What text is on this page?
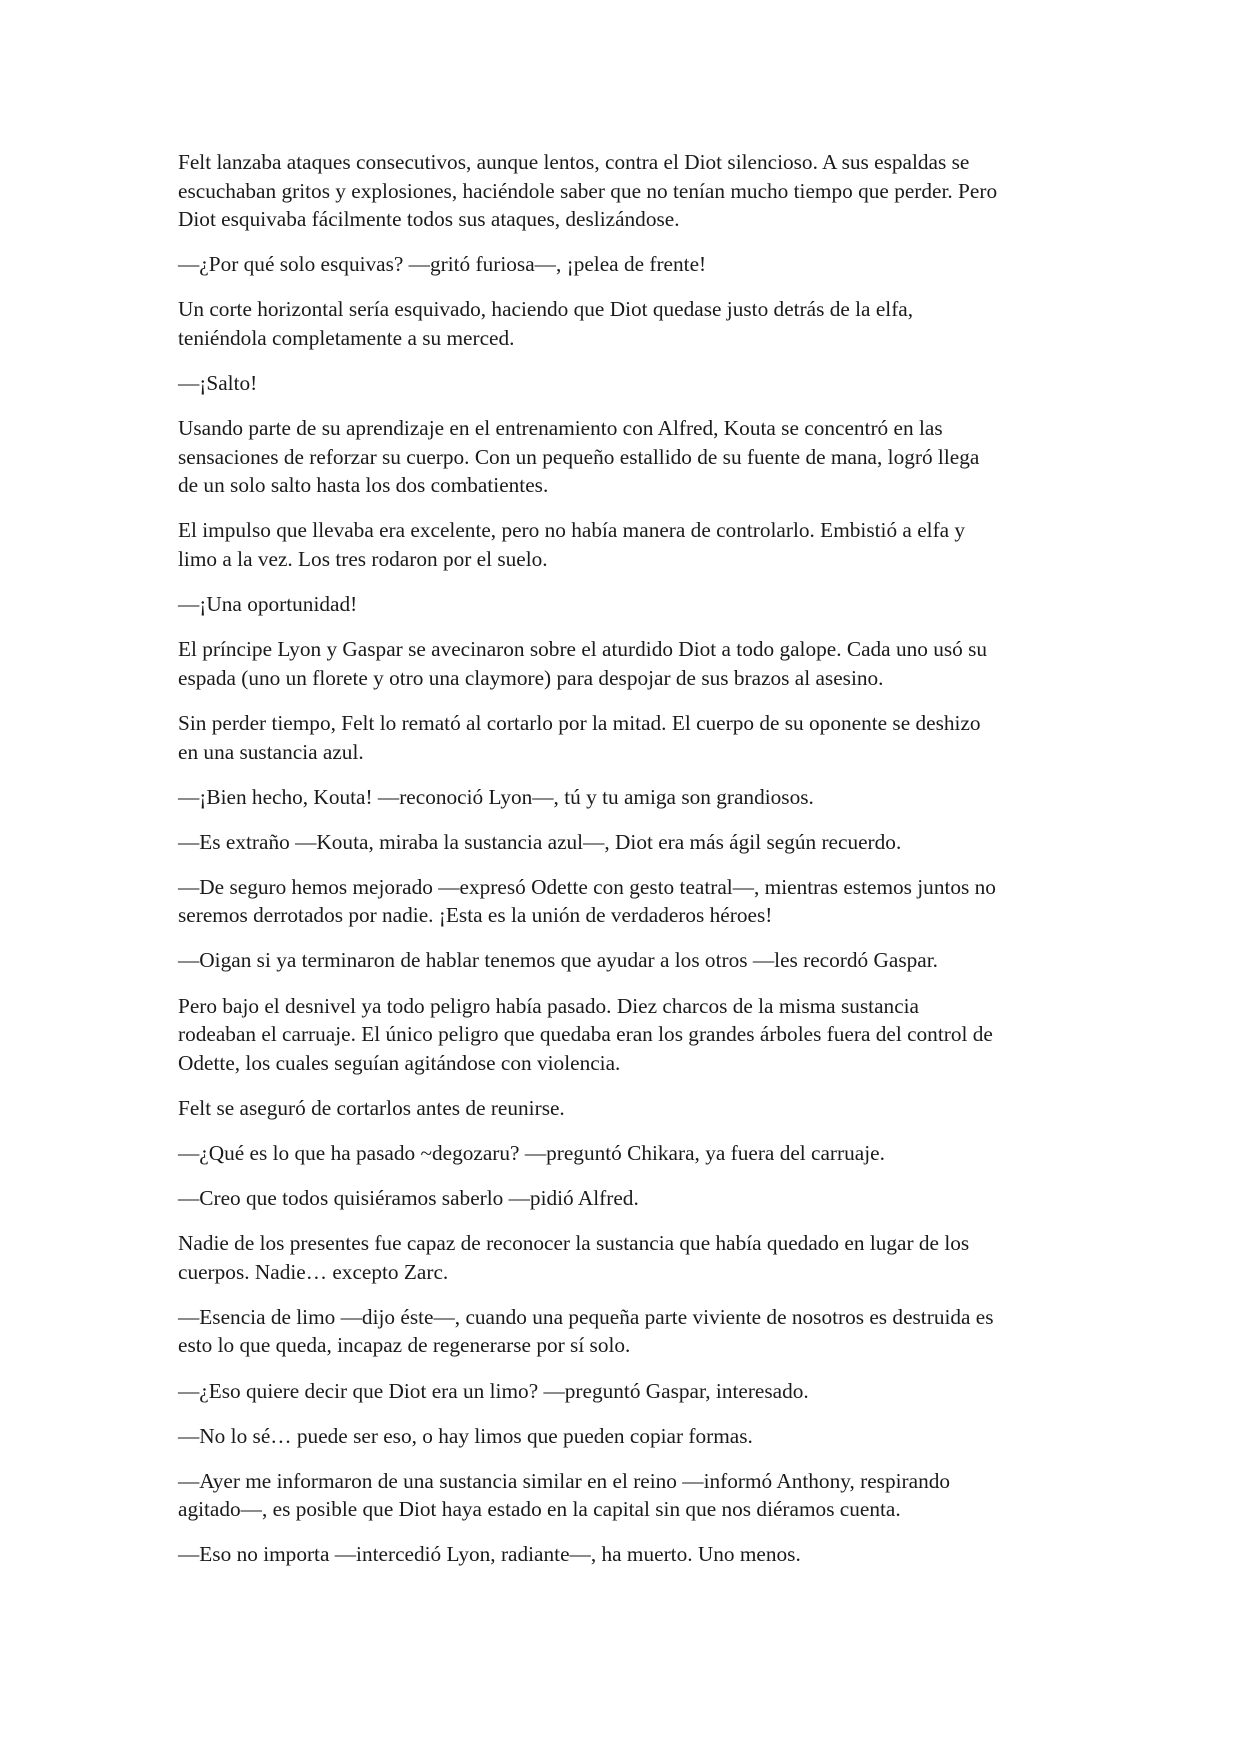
Felt lanzaba ataques consecutivos, aunque lentos, contra el Diot silencioso. A sus espaldas se
escuchaban gritos y explosiones, haciéndole saber que no tenían mucho tiempo que perder. Pero
Diot esquivaba fácilmente todos sus ataques, deslizándose.

—¿Por qué solo esquivas? —gritó furiosa—, ¡pelea de frente!

Un corte horizontal sería esquivado, haciendo que Diot quedase justo detrás de la elfa,
teniéndola completamente a su merced.

—¡Salto!

Usando parte de su aprendizaje en el entrenamiento con Alfred, Kouta se concentró en las
sensaciones de reforzar su cuerpo. Con un pequeño estallido de su fuente de mana, logró llega
de un solo salto hasta los dos combatientes.

El impulso que llevaba era excelente, pero no había manera de controlarlo. Embistió a elfa y
limo a la vez. Los tres rodaron por el suelo.

—¡Una oportunidad!

El príncipe Lyon y Gaspar se avecinaron sobre el aturdido Diot a todo galope. Cada uno usó su
espada (uno un florete y otro una claymore) para despojar de sus brazos al asesino.

Sin perder tiempo, Felt lo remató al cortarlo por la mitad. El cuerpo de su oponente se deshizo
en una sustancia azul.

—¡Bien hecho, Kouta! —reconoció Lyon—, tú y tu amiga son grandiosos.

—Es extraño —Kouta, miraba la sustancia azul—, Diot era más ágil según recuerdo.

—De seguro hemos mejorado —expresó Odette con gesto teatral—, mientras estemos juntos no
seremos derrotados por nadie. ¡Esta es la unión de verdaderos héroes!

—Oigan si ya terminaron de hablar tenemos que ayudar a los otros —les recordó Gaspar.

Pero bajo el desnivel ya todo peligro había pasado. Diez charcos de la misma sustancia
rodeaban el carruaje. El único peligro que quedaba eran los grandes árboles fuera del control de
Odette, los cuales seguían agitándose con violencia.

Felt se aseguró de cortarlos antes de reunirse.

—¿Qué es lo que ha pasado ~degozaru? —preguntó Chikara, ya fuera del carruaje.

—Creo que todos quisiéramos saberlo —pidió Alfred.

Nadie de los presentes fue capaz de reconocer la sustancia que había quedado en lugar de los
cuerpos. Nadie… excepto Zarc.

—Esencia de limo —dijo éste—, cuando una pequeña parte viviente de nosotros es destruida es
esto lo que queda, incapaz de regenerarse por sí solo.

—¿Eso quiere decir que Diot era un limo? —preguntó Gaspar, interesado.

—No lo sé… puede ser eso, o hay limos que pueden copiar formas.

—Ayer me informaron de una sustancia similar en el reino —informó Anthony, respirando
agitado—, es posible que Diot haya estado en la capital sin que nos diéramos cuenta.

—Eso no importa —intercedió Lyon, radiante—, ha muerto. Uno menos.
